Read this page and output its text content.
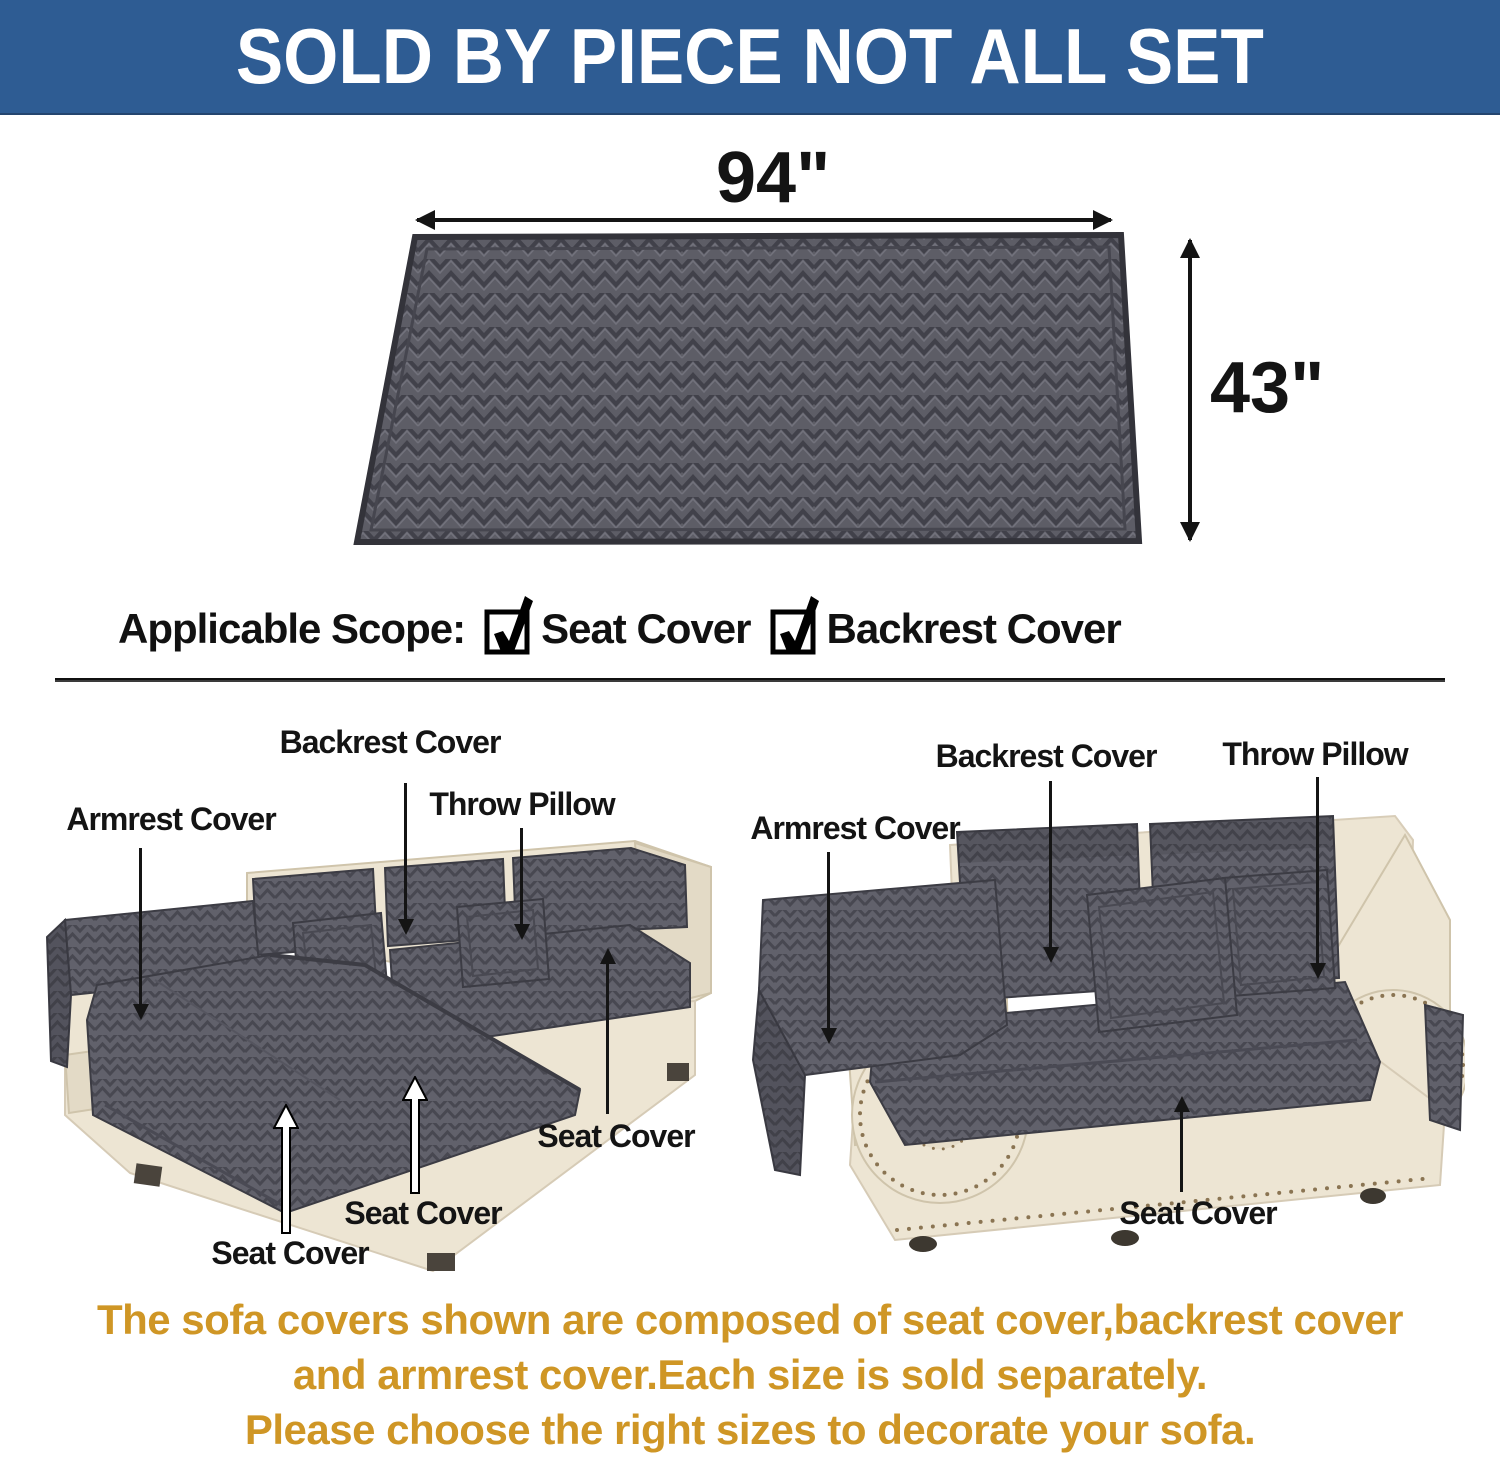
SOLD BY PIECE NOT ALL SET
94"
43"
Applicable Scope: Seat Cover Backrest Cover
Backrest Cover
Throw Pillow
Armrest Cover
Seat Cover
Seat Cover
Seat Cover
Backrest Cover Throw Pillow
Armrest Cover
Seat Cover
The sofa covers shown are composed of seat cover,backrest cover
and armrest cover.Each size is sold separately.
Please choose the right sizes to decorate your sofa.
